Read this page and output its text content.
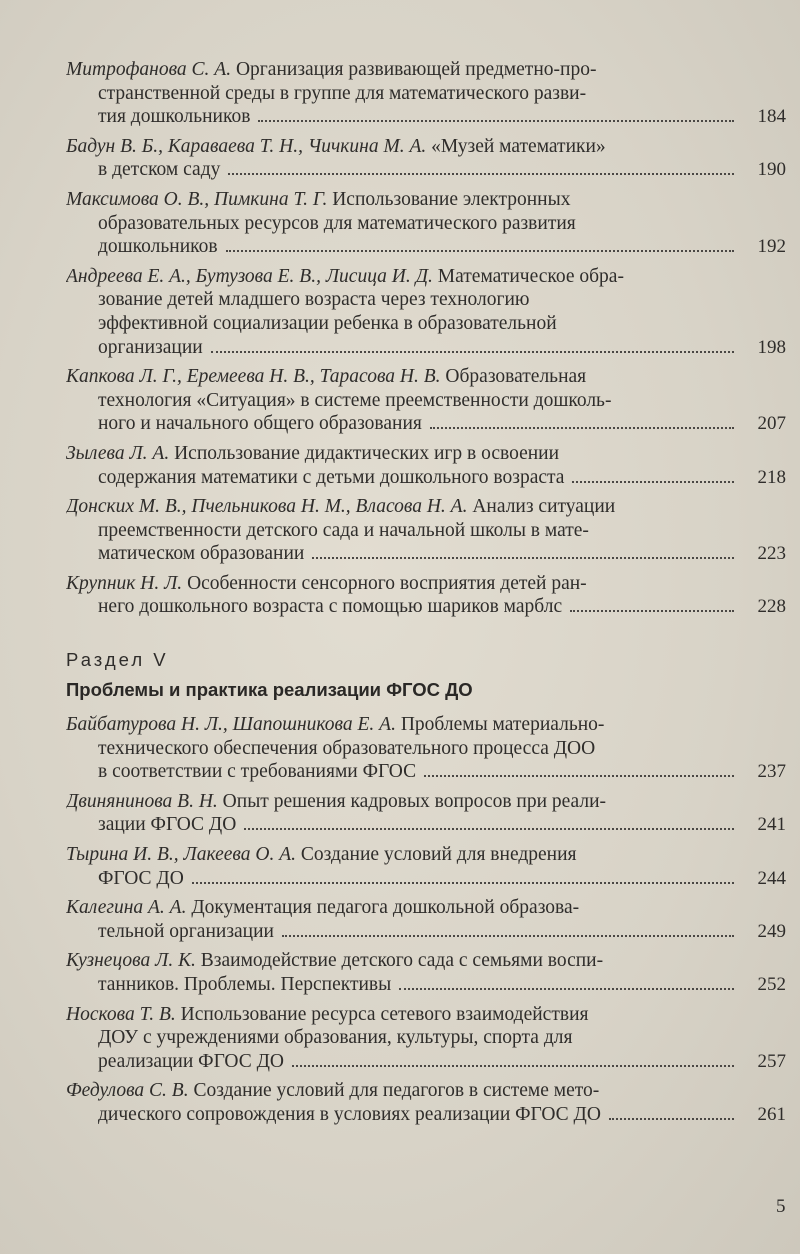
Митрофанова С. А. Организация развивающей предметно-про-
странственной среды в группе для математического разви-
тия дошкольников	184
Бадун В. Б., Караваева Т. Н., Чичкина М. А. «Музей математики»
в детском саду	190
Максимова О. В., Пимкина Т. Г. Использование электронных
образовательных ресурсов для математического развития
дошкольников	192
Андреева Е. А., Бутузова Е. В., Лисица И. Д. Математическое обра-
зование детей младшего возраста через технологию
эффективной социализации ребенка в образовательной
организации	198
Капкова Л. Г., Еремеева Н. В., Тарасова Н. В. Образовательная
технология «Ситуация» в системе преемственности дошколь-
ного и начального общего образования	207
Зылева Л. А. Использование дидактических игр в освоении
содержания математики с детьми дошкольного возраста	218
Донских М. В., Пчельникова Н. М., Власова Н. А. Анализ ситуации
преемственности детского сада и начальной школы в мате-
матическом образовании	223
Крупник Н. Л. Особенности сенсорного восприятия детей ран-
него дошкольного возраста с помощью шариков марблс	228
Раздел V
Проблемы и практика реализации ФГОС ДО
Байбатурова Н. Л., Шапошникова Е. А. Проблемы материально-
технического обеспечения образовательного процесса ДОО
в соответствии с требованиями ФГОС	237
Двинянинова В. Н. Опыт решения кадровых вопросов при реали-
зации ФГОС ДО	241
Тырина И. В., Лакеева О. А. Создание условий для внедрения
ФГОС ДО	244
Калегина А. А. Документация педагога дошкольной образова-
тельной организации	249
Кузнецова Л. К. Взаимодействие детского сада с семьями воспи-
танников. Проблемы. Перспективы	252
Носкова Т. В. Использование ресурса сетевого взаимодействия
ДОУ с учреждениями образования, культуры, спорта для
реализации ФГОС ДО	257
Федулова С. В. Создание условий для педагогов в системе мето-
дического сопровождения в условиях реализации ФГОС ДО	261
5
